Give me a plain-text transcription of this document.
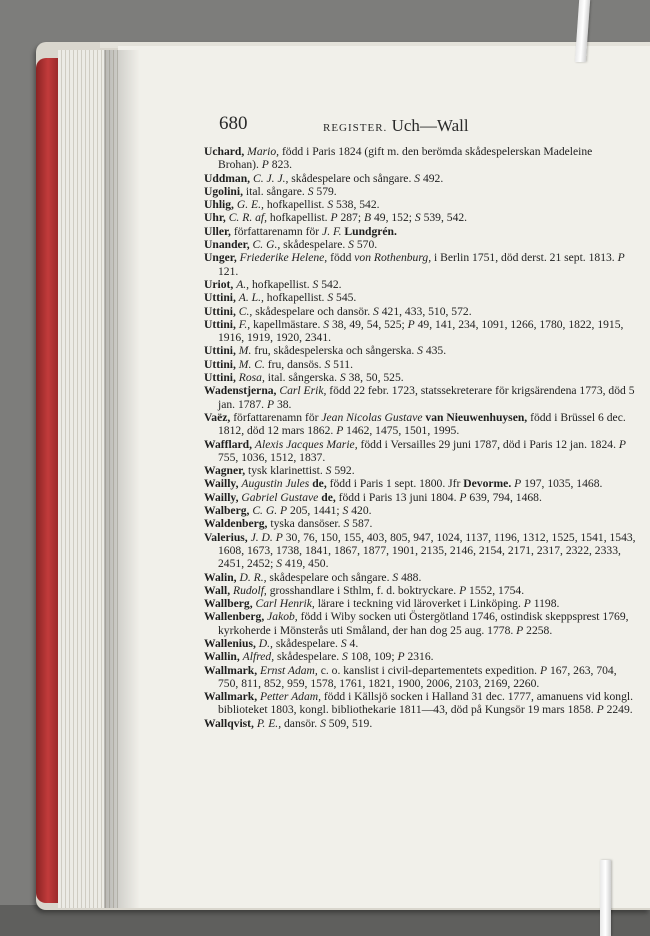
680	REGISTER. Uch—Wall

Uchard, Mario, född i Paris 1824 (gift m. den berömda skådespelerskan Madeleine Brohan). P 823.

Uddman, C. J. J., skådespelare och sångare. S 492.

Ugolini, ital. sångare. S 579.

Uhlig, G. E., hofkapellist. S 538, 542.

Uhr, C. R. af, hofkapellist. P 287; B 49, 152; S 539, 542.

Uller, författarenamn för J. F. Lundgrén.

Unander, C. G., skådespelare. S 570.

Unger, Friederike Helene, född von Rothenburg, i Berlin 1751, död derst. 21 sept. 1813. P 121.

Uriot, A., hofkapellist. S 542.

Uttini, A. L., hofkapellist. S 545.

Uttini, C., skådespelare och dansör. S 421, 433, 510, 572.

Uttini, F., kapellmästare. S 38, 49, 54, 525; P 49, 141, 234, 1091, 1266, 1780, 1822, 1915, 1916, 1919, 1920, 2341.

Uttini, M. fru, skådespelerska och sångerska. S 435.

Uttini, M. C. fru, dansös. S 511.

Uttini, Rosa, ital. sångerska. S 38, 50, 525.

Wadenstjerna, Carl Erik, född 22 febr. 1723, statssekreterare för krigsärendena 1773, död 5 jan. 1787. P 38.

Vaëz, författarenamn för Jean Nicolas Gustave van Nieuwenhuysen, född i Brüssel 6 dec. 1812, död 12 mars 1862. P 1462, 1475, 1501, 1995.

Wafflard, Alexis Jacques Marie, född i Versailles 29 juni 1787, död i Paris 12 jan. 1824. P 755, 1036, 1512, 1837.

Wagner, tysk klarinettist. S 592.

Wailly, Augustin Jules de, född i Paris 1 sept. 1800. Jfr Devorme. P 197, 1035, 1468.

Wailly, Gabriel Gustave de, född i Paris 13 juni 1804. P 639, 794, 1468.

Walberg, C. G. P 205, 1441; S 420.

Waldenberg, tyska dansöser. S 587.

Valerius, J. D. P 30, 76, 150, 155, 403, 805, 947, 1024, 1137, 1196, 1312, 1525, 1541, 1543, 1608, 1673, 1738, 1841, 1867, 1877, 1901, 2135, 2146, 2154, 2171, 2317, 2322, 2333, 2451, 2452; S 419, 450.

Walin, D. R., skådespelare och sångare. S 488.

Wall, Rudolf, grosshandlare i Sthlm, f. d. boktryckare. P 1552, 1754.

Wallberg, Carl Henrik, lärare i teckning vid läroverket i Linköping. P 1198.

Wallenberg, Jakob, född i Wiby socken uti Östergötland 1746, ostindisk skeppsprest 1769, kyrkoherde i Mönsterås uti Småland, der han dog 25 aug. 1778. P 2258.

Wallenius, D., skådespelare. S 4.

Wallin, Alfred, skådespelare. S 108, 109; P 2316.

Wallmark, Ernst Adam, c. o. kanslist i civil-departementets expedition. P 167, 263, 704, 750, 811, 852, 959, 1578, 1761, 1821, 1900, 2006, 2103, 2169, 2260.

Wallmark, Petter Adam, född i Källsjö socken i Halland 31 dec. 1777, amanuens vid kongl. biblioteket 1803, kongl. bibliothekarie 1811—43, död på Kungsör 19 mars 1858. P 2249.

Wallqvist, P. E., dansör. S 509, 519.
